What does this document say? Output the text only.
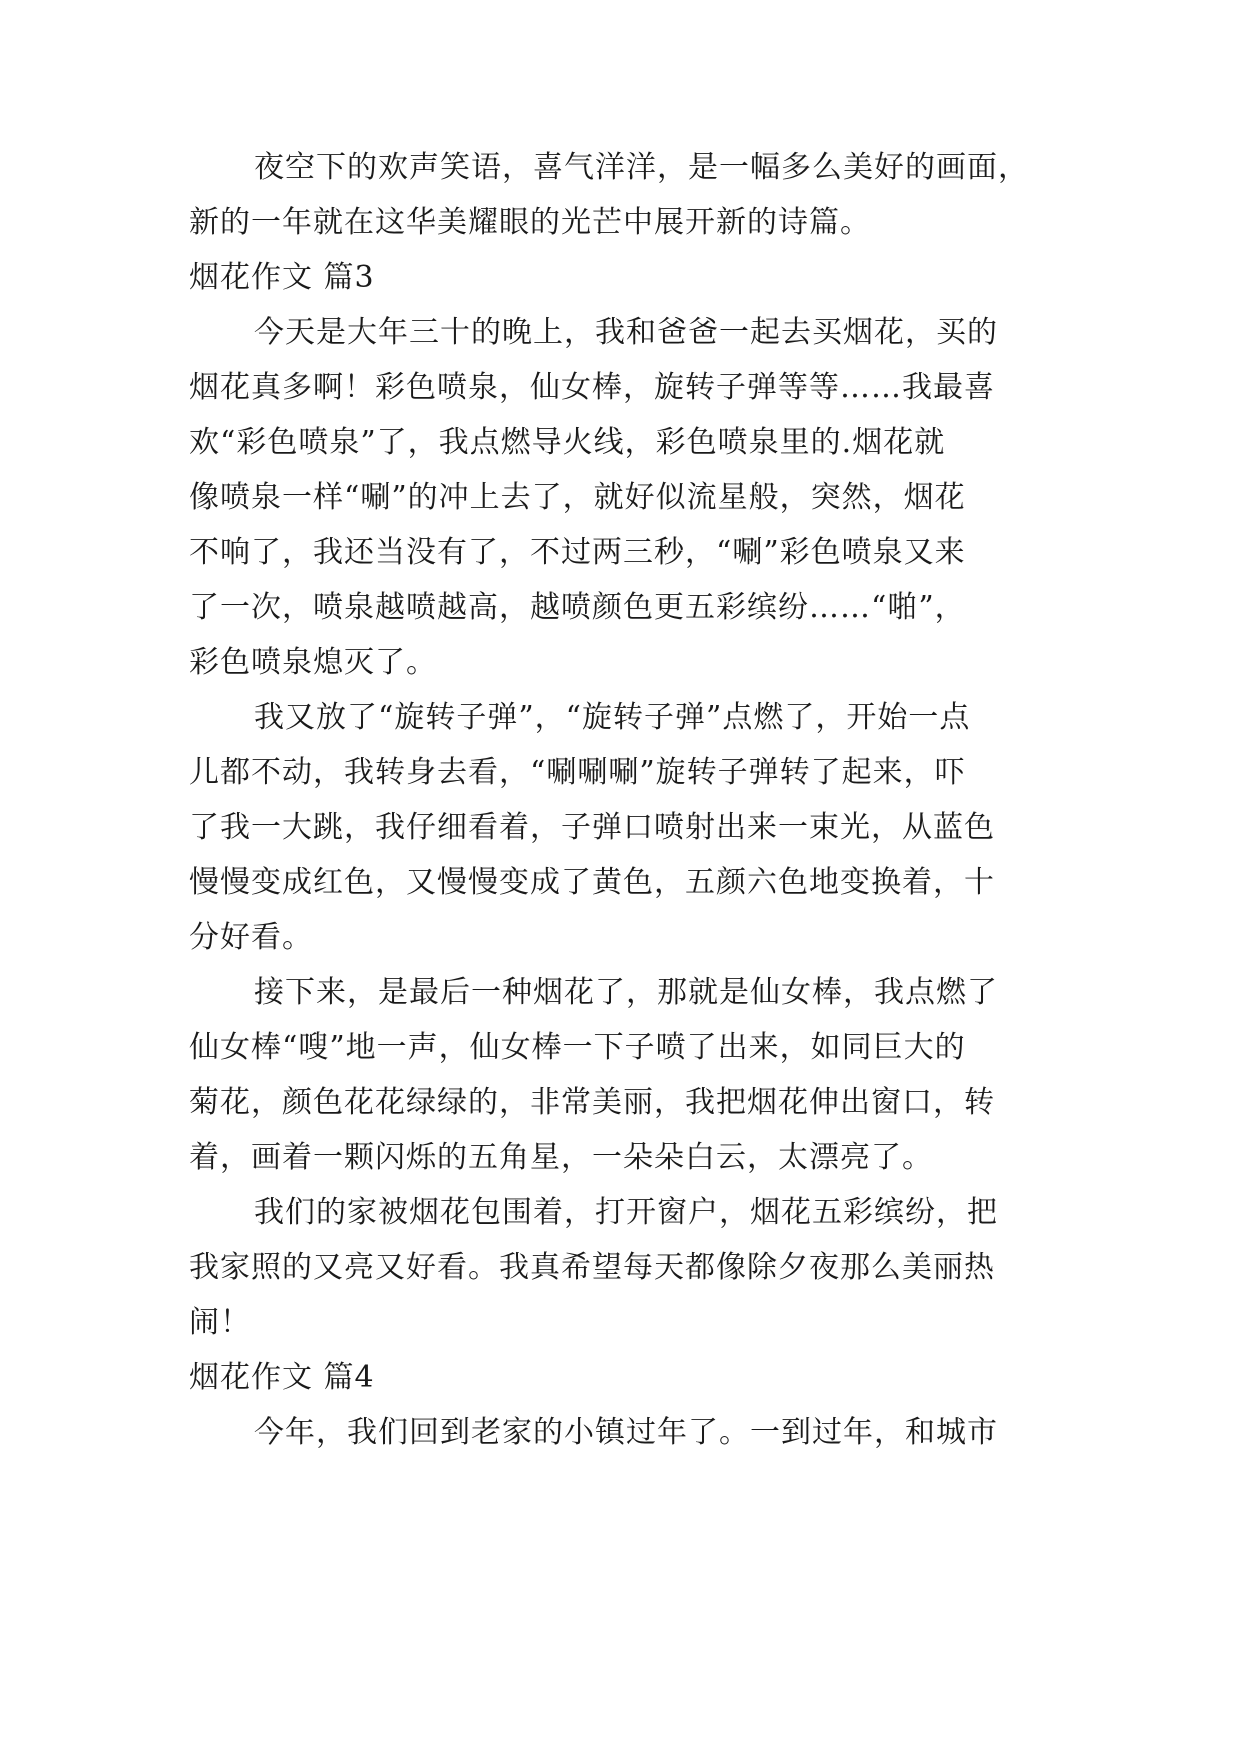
夜空下的欢声笑语，喜气洋洋，是一幅多么美好的画面，
新的一年就在这华美耀眼的光芒中展开新的诗篇。
烟花作文 篇3
今天是大年三十的晚上，我和爸爸一起去买烟花，买的
烟花真多啊！彩色喷泉，仙女棒，旋转子弹等等……我最喜
欢“彩色喷泉”了，我点燃导火线，彩色喷泉里的.烟花就
像喷泉一样“唰”的冲上去了，就好似流星般，突然，烟花
不响了，我还当没有了，不过两三秒，“唰”彩色喷泉又来
了一次，喷泉越喷越高，越喷颜色更五彩缤纷……“啪”，
彩色喷泉熄灭了。
我又放了“旋转子弹”，“旋转子弹”点燃了，开始一点
儿都不动，我转身去看，“唰唰唰”旋转子弹转了起来，吓
了我一大跳，我仔细看着，子弹口喷射出来一束光，从蓝色
慢慢变成红色，又慢慢变成了黄色，五颜六色地变换着，十
分好看。
接下来，是最后一种烟花了，那就是仙女棒，我点燃了
仙女棒“嗖”地一声，仙女棒一下子喷了出来，如同巨大的
菊花，颜色花花绿绿的，非常美丽，我把烟花伸出窗口，转
着，画着一颗闪烁的五角星，一朵朵白云，太漂亮了。
我们的家被烟花包围着，打开窗户，烟花五彩缤纷，把
我家照的又亮又好看。我真希望每天都像除夕夜那么美丽热
闹！
烟花作文 篇4
今年，我们回到老家的小镇过年了。一到过年，和城市
